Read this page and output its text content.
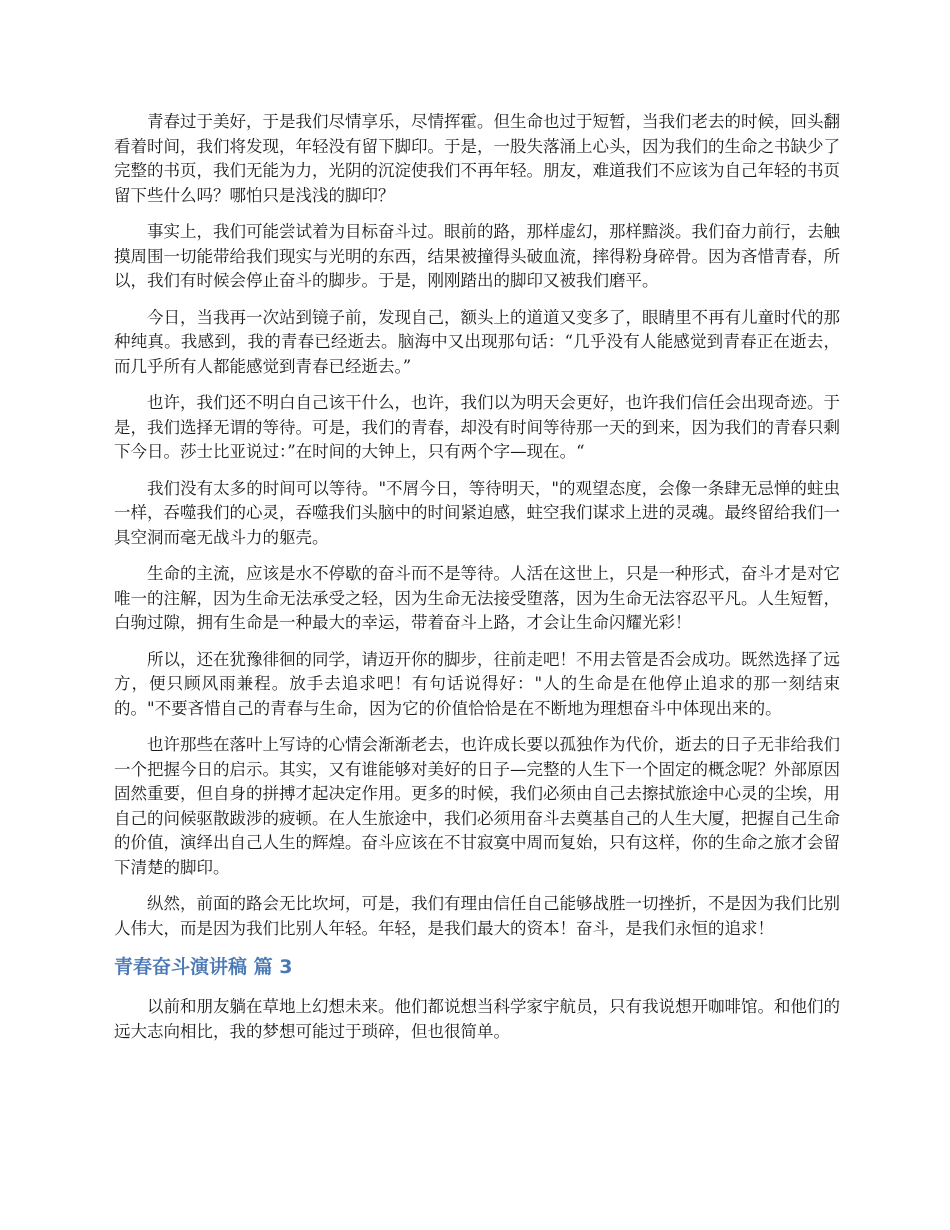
青春过于美好，于是我们尽情享乐，尽情挥霍。但生命也过于短暂，当我们老去的时候，回头翻看着时间，我们将发现，年轻没有留下脚印。于是，一股失落涌上心头，因为我们的生命之书缺少了完整的书页，我们无能为力，光阴的沉淀使我们不再年轻。朋友，难道我们不应该为自己年轻的书页留下些什么吗？哪怕只是浅浅的脚印？

事实上，我们可能尝试着为目标奋斗过。眼前的路，那样虚幻，那样黯淡。我们奋力前行，去触摸周围一切能带给我们现实与光明的东西，结果被撞得头破血流，摔得粉身碎骨。因为吝惜青春，所以，我们有时候会停止奋斗的脚步。于是，刚刚踏出的脚印又被我们磨平。

今日，当我再一次站到镜子前，发现自己，额头上的道道又变多了，眼睛里不再有儿童时代的那种纯真。我感到，我的青春已经逝去。脑海中又出现那句话：“几乎没有人能感觉到青春正在逝去，而几乎所有人都能感觉到青春已经逝去。”

也许，我们还不明白自己该干什么，也许，我们以为明天会更好，也许我们信任会出现奇迹。于是，我们选择无谓的等待。可是，我们的青春，却没有时间等待那一天的到来，因为我们的青春只剩下今日。莎士比亚说过：”在时间的大钟上，只有两个字—现在。“

我们没有太多的时间可以等待。"不屑今日，等待明天，"的观望态度，会像一条肆无忌惮的蛀虫一样，吞噬我们的心灵，吞噬我们头脑中的时间紧迫感，蛀空我们谋求上进的灵魂。最终留给我们一具空洞而毫无战斗力的躯壳。

生命的主流，应该是水不停歇的奋斗而不是等待。人活在这世上，只是一种形式，奋斗才是对它唯一的注解，因为生命无法承受之轻，因为生命无法接受堕落，因为生命无法容忍平凡。人生短暂，白驹过隙，拥有生命是一种最大的幸运，带着奋斗上路，才会让生命闪耀光彩！

所以，还在犹豫徘徊的同学，请迈开你的脚步，往前走吧！不用去管是否会成功。既然选择了远方，便只顾风雨兼程。放手去追求吧！有句话说得好："人的生命是在他停止追求的那一刻结束的。"不要吝惜自己的青春与生命，因为它的价值恰恰是在不断地为理想奋斗中体现出来的。

也许那些在落叶上写诗的心情会渐渐老去，也许成长要以孤独作为代价，逝去的日子无非给我们一个把握今日的启示。其实，又有谁能够对美好的日子—完整的人生下一个固定的概念呢？外部原因固然重要，但自身的拼搏才起决定作用。更多的时候，我们必须由自己去擦拭旅途中心灵的尘埃，用自己的问候驱散跋涉的疲顿。在人生旅途中，我们必须用奋斗去奠基自己的人生大厦，把握自己生命的价值，演绎出自己人生的辉煌。奋斗应该在不甘寂寞中周而复始，只有这样，你的生命之旅才会留下清楚的脚印。

纵然，前面的路会无比坎坷，可是，我们有理由信任自己能够战胜一切挫折，不是因为我们比别人伟大，而是因为我们比别人年轻。年轻，是我们最大的资本！奋斗，是我们永恒的追求！

青春奋斗演讲稿 篇 3

以前和朋友躺在草地上幻想未来。他们都说想当科学家宇航员，只有我说想开咖啡馆。和他们的远大志向相比，我的梦想可能过于琐碎，但也很简单。
